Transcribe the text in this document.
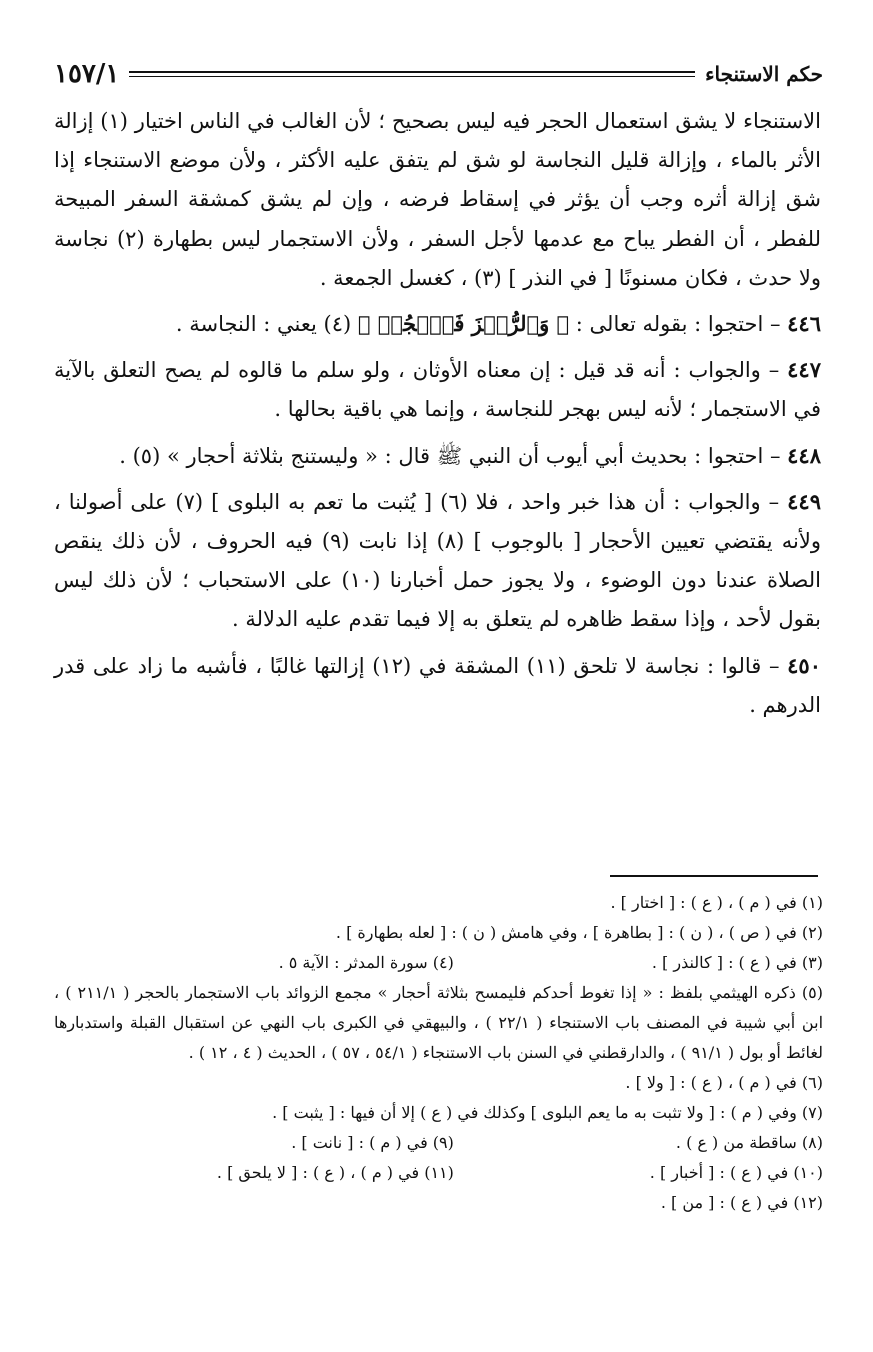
حكم الاستنجاء
١٥٧/١

الاستنجاء لا يشق استعمال الحجر فيه ليس بصحيح ؛ لأن الغالب في الناس اختيار (١) إزالة الأثر بالماء ، وإزالة قليل النجاسة لو شق لم يتفق عليه الأكثر ، ولأن موضع الاستنجاء إذا شق إزالة أثره وجب أن يؤثر في إسقاط فرضه ، وإن لم يشق كمشقة السفر المبيحة للفطر ، أن الفطر يباح مع عدمها لأجل السفر ، ولأن الاستجمار ليس بطهارة (٢) نجاسة ولا حدث ، فكان مسنونًا [ في النذر ] (٣) ، كغسل الجمعة .

٤٤٦ – احتجوا : بقوله تعالى : ﴿ وَٱلرُّجۡزَ فَٱهۡجُرۡ ﴾ (٤) يعني : النجاسة .

٤٤٧ – والجواب : أنه قد قيل : إن معناه الأوثان ، ولو سلم ما قالوه لم يصح التعلق بالآية في الاستجمار ؛ لأنه ليس بهجر للنجاسة ، وإنما هي باقية بحالها .

٤٤٨ – احتجوا : بحديث أبي أيوب أن النبي ﷺ قال : « وليستنج بثلاثة أحجار » (٥) .

٤٤٩ – والجواب : أن هذا خبر واحد ، فلا (٦) [ يُثبت ما تعم به البلوى ] (٧) على أصولنا ، ولأنه يقتضي تعيين الأحجار [ بالوجوب ] (٨) إذا نابت (٩) فيه الحروف ، لأن ذلك ينقص الصلاة عندنا دون الوضوء ، ولا يجوز حمل أخبارنا (١٠) على الاستحباب ؛ لأن ذلك ليس بقول لأحد ، وإذا سقط ظاهره لم يتعلق به إلا فيما تقدم عليه الدلالة .

٤٥٠ – قالوا : نجاسة لا تلحق (١١) المشقة في (١٢) إزالتها غالبًا ، فأشبه ما زاد على قدر الدرهم .

(١) في ( م ) ، ( ع ) : [ اختار ] .

(٢) في ( ص ) ، ( ن ) : [ بطاهرة ] ، وفي هامش ( ن ) : [ لعله بطهارة ] .

(٣) في ( ع ) : [ كالنذر ] .
(٤) سورة المدثر : الآية ٥ .

(٥) ذكره الهيثمي بلفظ : « إذا تغوط أحدكم فليمسح بثلاثة أحجار » مجمع الزوائد باب الاستجمار بالحجر ( ٢١١/١ ) ، ابن أبي شيبة في المصنف باب الاستنجاء ( ٢٢/١ ) ، والبيهقي في الكبرى باب النهي عن استقبال القبلة واستدبارها لغائط أو بول ( ٩١/١ ) ، والدارقطني في السنن باب الاستنجاء ( ٥٤/١ ، ٥٧ ) ، الحديث ( ٤ ، ١٢ ) .

(٦) في ( م ) ، ( ع ) : [ ولا ] .

(٧) وفي ( م ) : [ ولا تثبت به ما يعم البلوى ] وكذلك في ( ع ) إلا أن فيها : [ يثبت ] .

(٨) ساقطة من ( ع ) .
(٩) في ( م ) : [ نانت ] .
(١٠) في ( ع ) : [ أخبار ] .
(١١) في ( م ) ، ( ع ) : [ لا يلحق ] .

(١٢) في ( ع ) : [ من ] .
